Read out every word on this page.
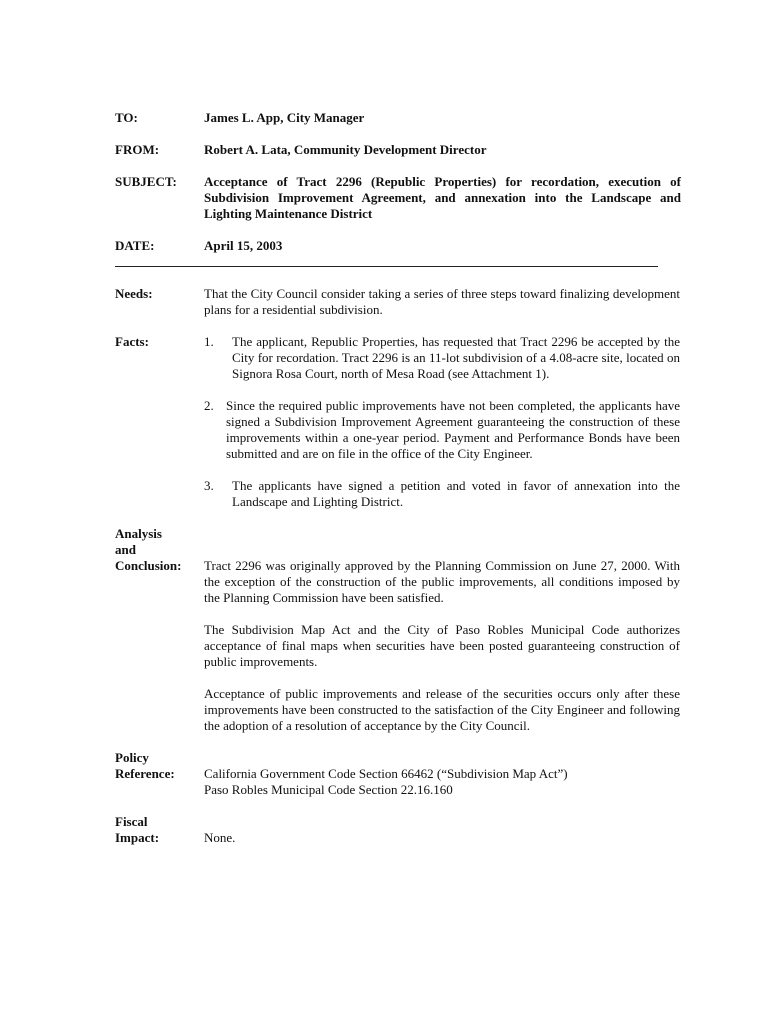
TO:	James L. App, City Manager
FROM:	Robert A. Lata, Community Development Director
SUBJECT: Acceptance of Tract 2296 (Republic Properties) for recordation, execution of Subdivision Improvement Agreement, and annexation into the Landscape and Lighting Maintenance District
DATE:	April 15, 2003
Needs:	That the City Council consider taking a series of three steps toward finalizing development plans for a residential subdivision.
Facts:	1. The applicant, Republic Properties, has requested that Tract 2296 be accepted by the City for recordation. Tract 2296 is an 11-lot subdivision of a 4.08-acre site, located on Signora Rosa Court, north of Mesa Road (see Attachment 1).
2. Since the required public improvements have not been completed, the applicants have signed a Subdivision Improvement Agreement guaranteeing the construction of these improvements within a one-year period. Payment and Performance Bonds have been submitted and are on file in the office of the City Engineer.
3. The applicants have signed a petition and voted in favor of annexation into the Landscape and Lighting District.
Analysis
and
Conclusion:	Tract 2296 was originally approved by the Planning Commission on June 27, 2000. With the exception of the construction of the public improvements, all conditions imposed by the Planning Commission have been satisfied.
The Subdivision Map Act and the City of Paso Robles Municipal Code authorizes acceptance of final maps when securities have been posted guaranteeing construction of public improvements.
Acceptance of public improvements and release of the securities occurs only after these improvements have been constructed to the satisfaction of the City Engineer and following the adoption of a resolution of acceptance by the City Council.
Policy
Reference:	California Government Code Section 66462 (“Subdivision Map Act”)
Paso Robles Municipal Code Section 22.16.160
Fiscal
Impact:	None.
